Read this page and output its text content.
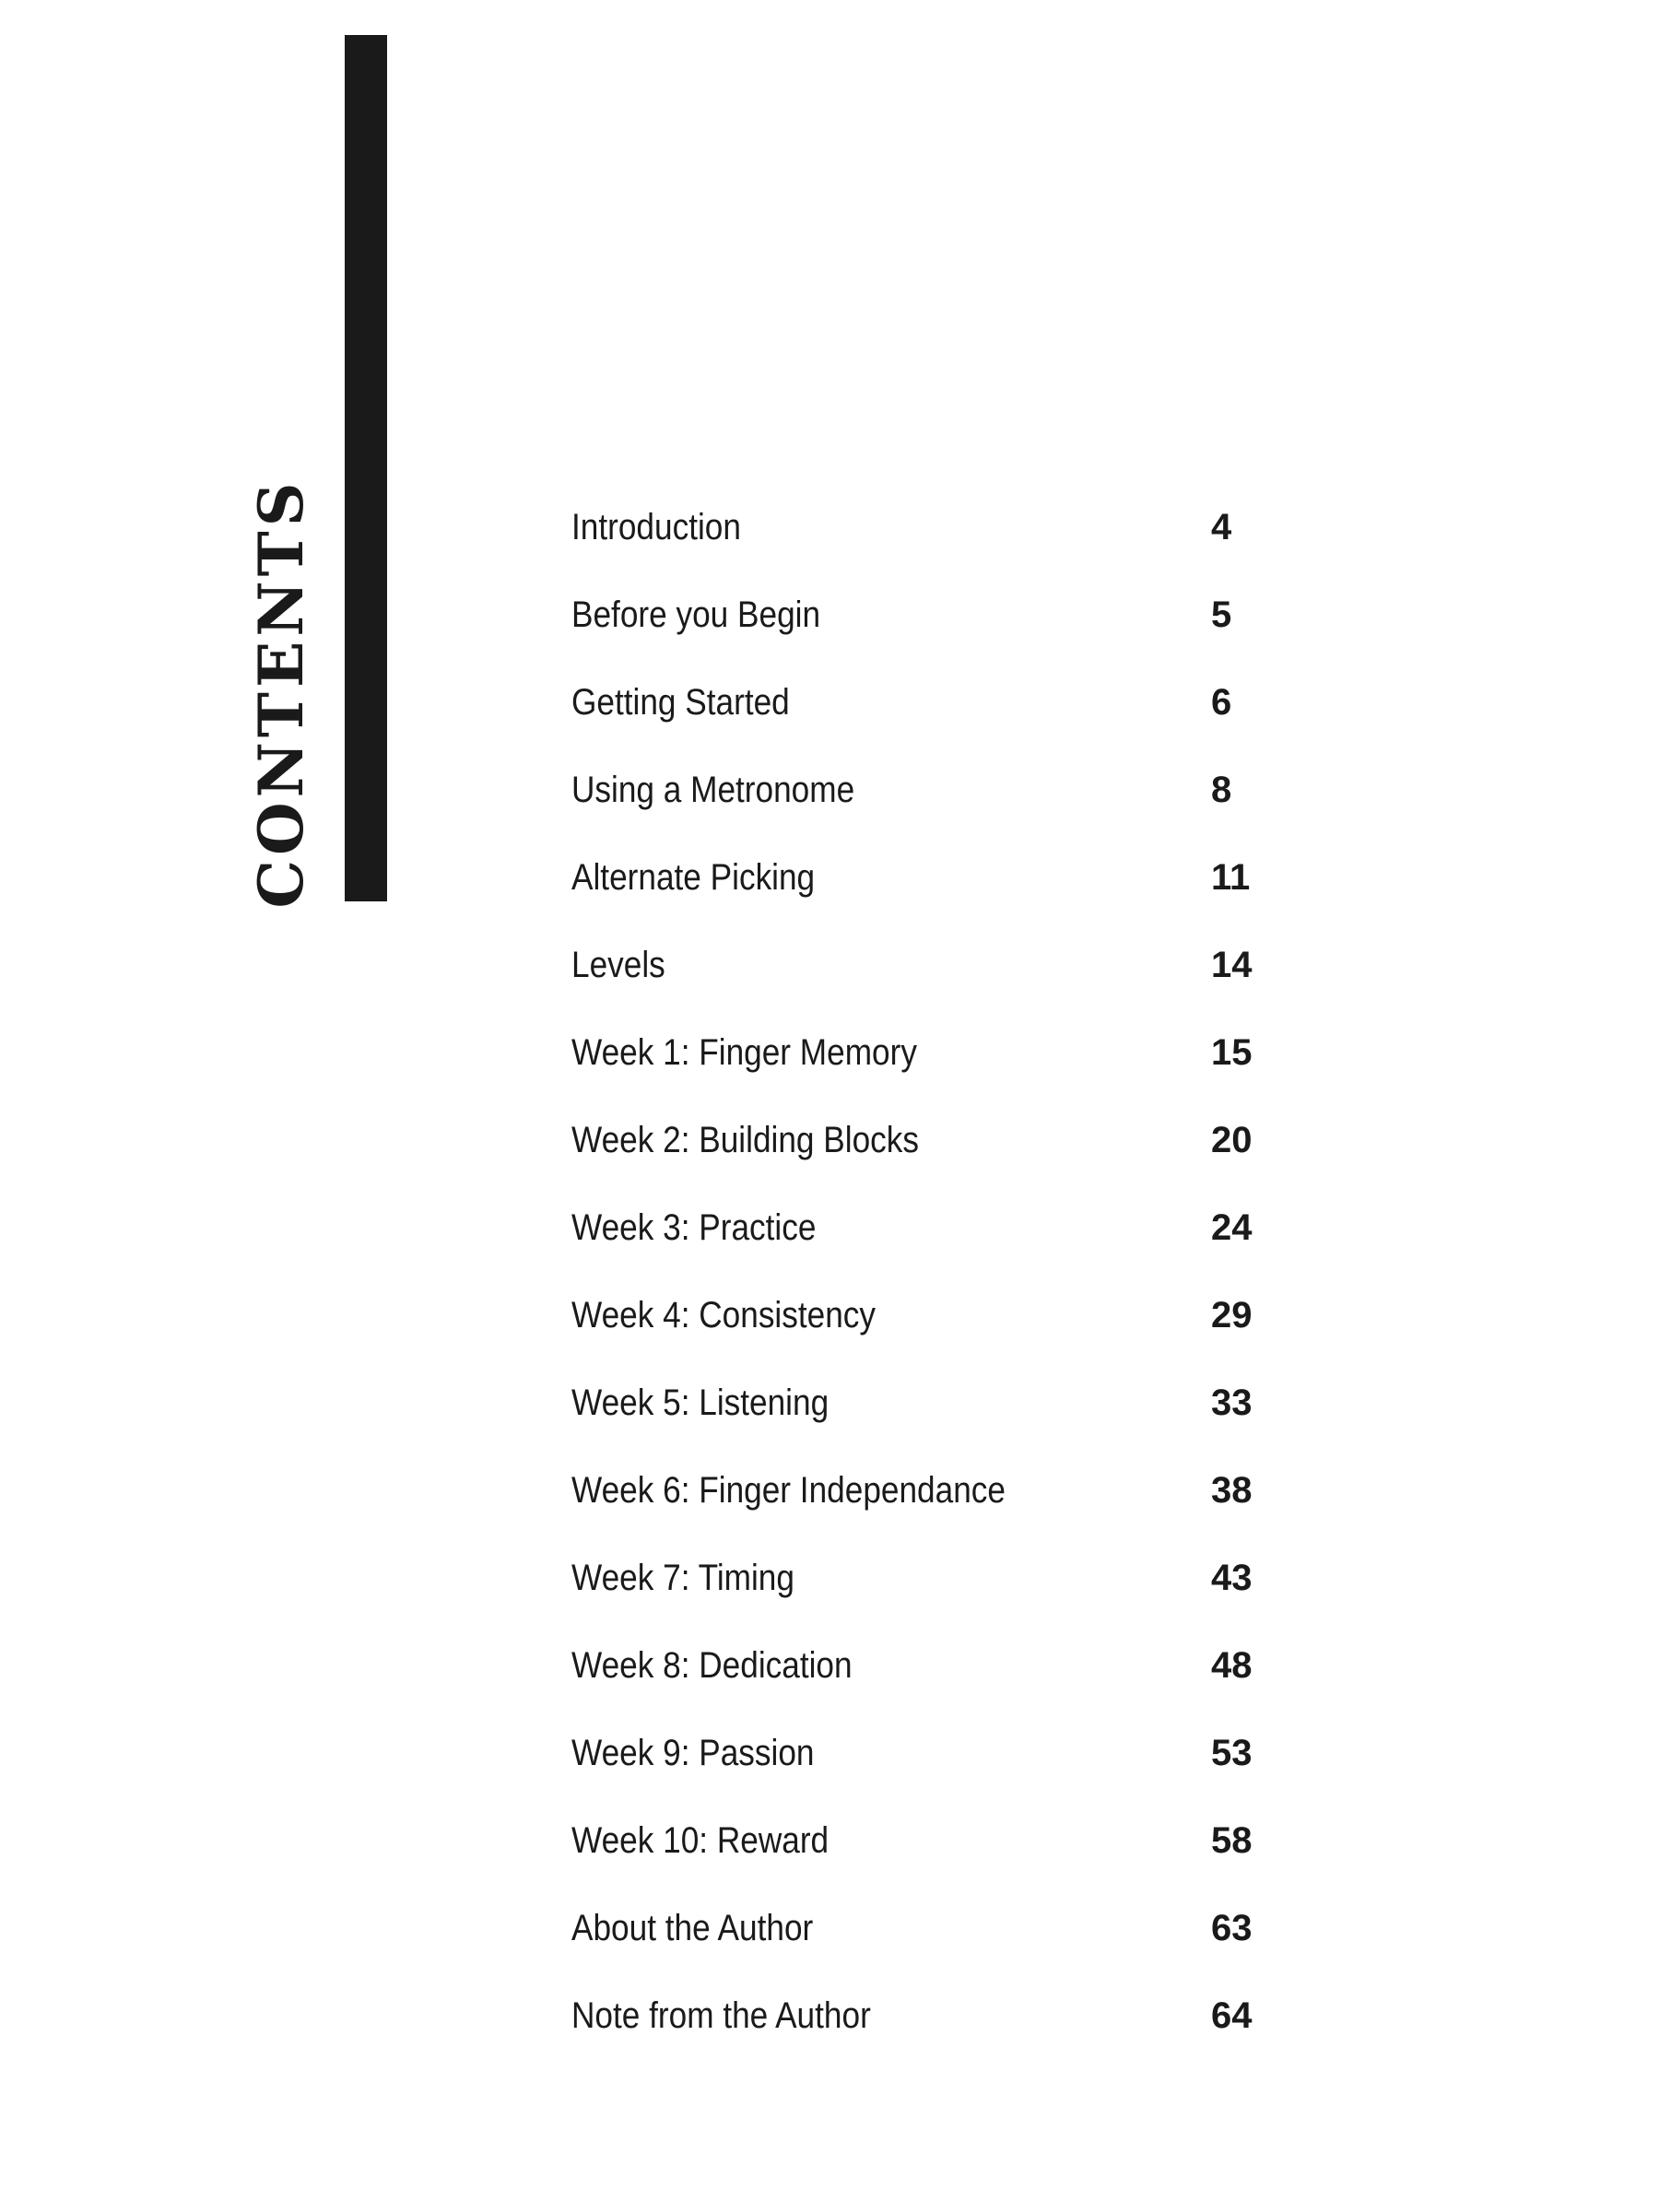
CONTENTS	Introduction	4
Before you Begin	5
Getting Started	6
Using a Metronome	8
Alternate Picking	11
Levels	14
Week 1: Finger Memory	15
Week 2: Building Blocks	20
Week 3: Practice	24
Week 4: Consistency	29
Week 5: Listening	33
Week 6: Finger Independance	38
Week 7: Timing	43
Week 8: Dedication	48
Week 9: Passion	53
Week 10: Reward	58
About the Author	63
Note from the Author	64
